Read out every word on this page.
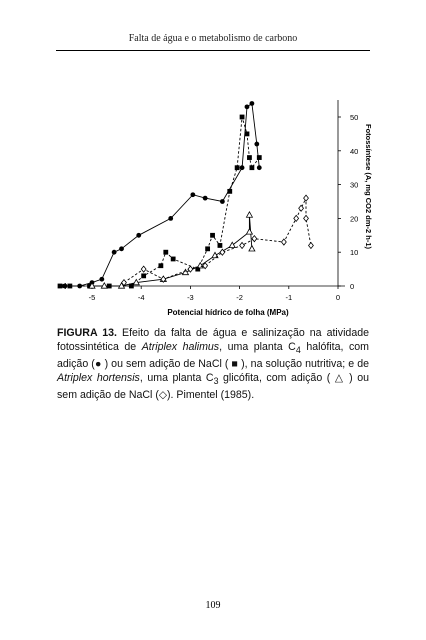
Falta de água e o metabolismo de carbono
-5	-4	-3	-2	-1	0
0
10
20
30
40
50
Fotossíntese (A, mg CO2 dm-2 h-1)
Potencial hídrico de folha (MPa)
FIGURA 13. Efeito da falta de água e salinização na atividade fotossintética de Atriplex halimus, uma planta $C_4$ halófita, com adição (● ) ou sem adição de NaCl ( ■ ), na solução nutritiva; e de Atriplex hortensis, uma planta $C_3$ glicófita, com adição ( △ ) ou sem adição de NaCl (◇). Pimentel (1985).
109
